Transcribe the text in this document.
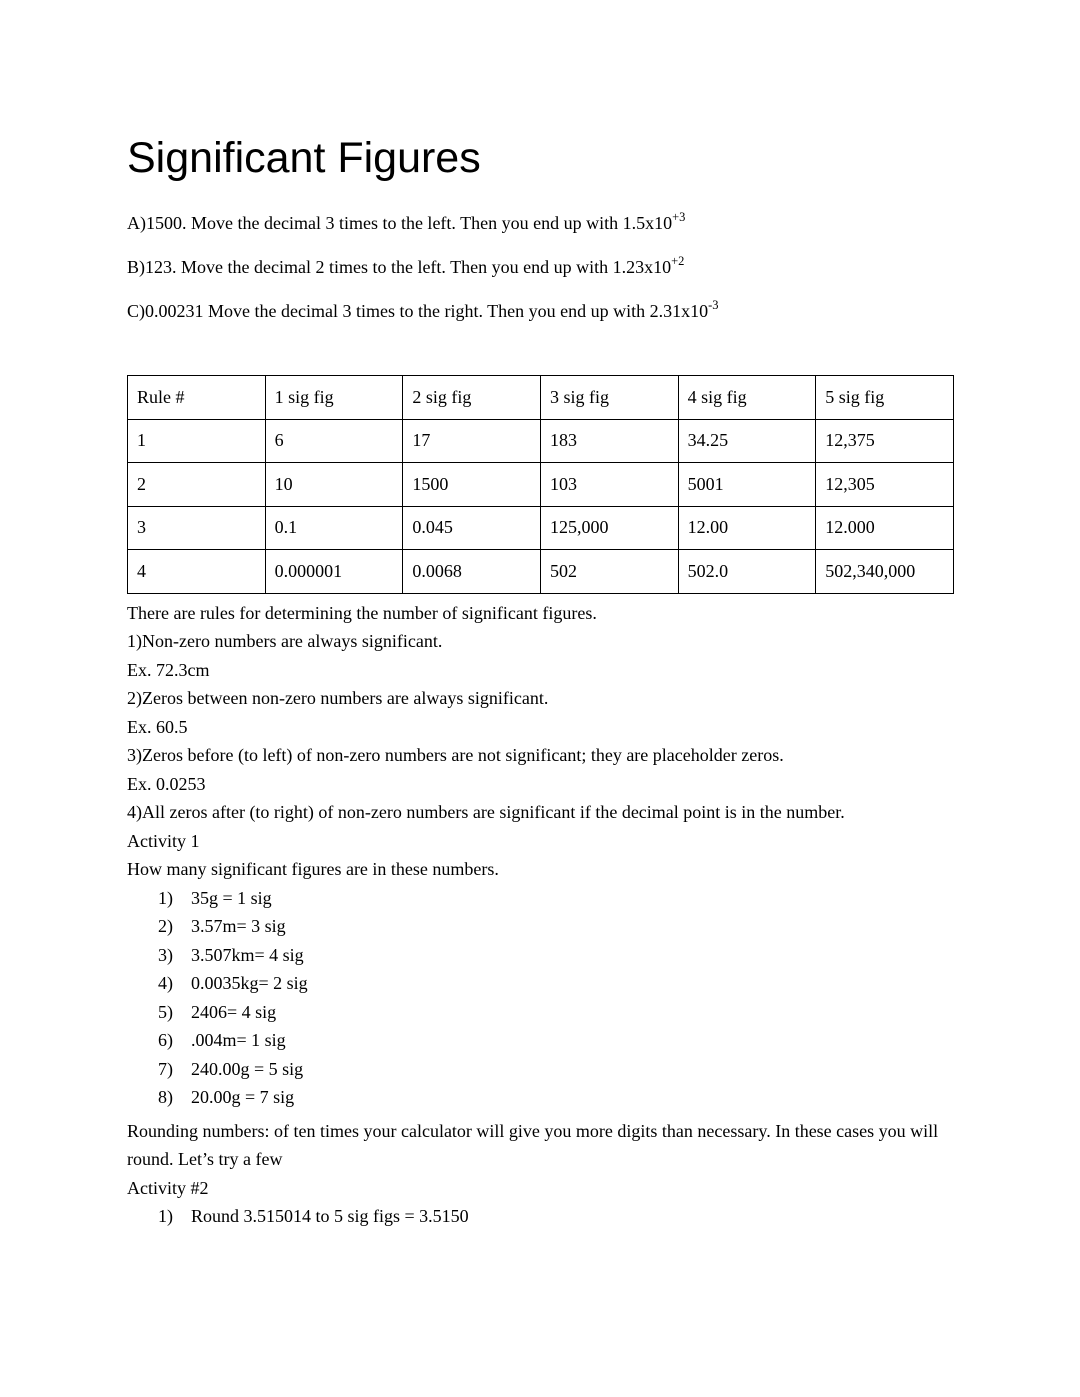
Significant Figures

A)1500. Move the decimal 3 times to the left. Then you end up with $1.5x10^{+3}$

B)123. Move the decimal 2 times to the left. Then you end up with $1.23x10^{+2}$

C)0.00231 Move the decimal 3 times to the right. Then you end up with $2.31x10^{-3}$

Rule #	1 sig fig	2 sig fig	3 sig fig	4 sig fig	5 sig fig
1	6	17	183	34.25	12,375
2	10	1500	103	5001	12,305
3	0.1	0.045	125,000	12.00	12.000
4	0.000001	0.0068	502	502.0	502,340,000

There are rules for determining the number of significant figures.

1)Non-zero numbers are always significant.

Ex. 72.3cm

2)Zeros between non-zero numbers are always significant.

Ex. 60.5

3)Zeros before (to left) of non-zero numbers are not significant; they are placeholder zeros.

Ex. 0.0253

4)All zeros after (to right) of non-zero numbers are significant if the decimal point is in the number.

Activity 1

How many significant figures are in these numbers.

1)	35g = 1 sig
2)	3.57m= 3 sig
3)	3.507km= 4 sig
4)	0.0035kg= 2 sig
5)	2406= 4 sig
6)	.004m= 1 sig
7)	240.00g = 5 sig
8)	20.00g = 7 sig

Rounding numbers: of ten times your calculator will give you more digits than necessary. In these cases you will round. Let’s try a few

Activity #2

1)	Round 3.515014 to 5 sig figs = 3.5150
